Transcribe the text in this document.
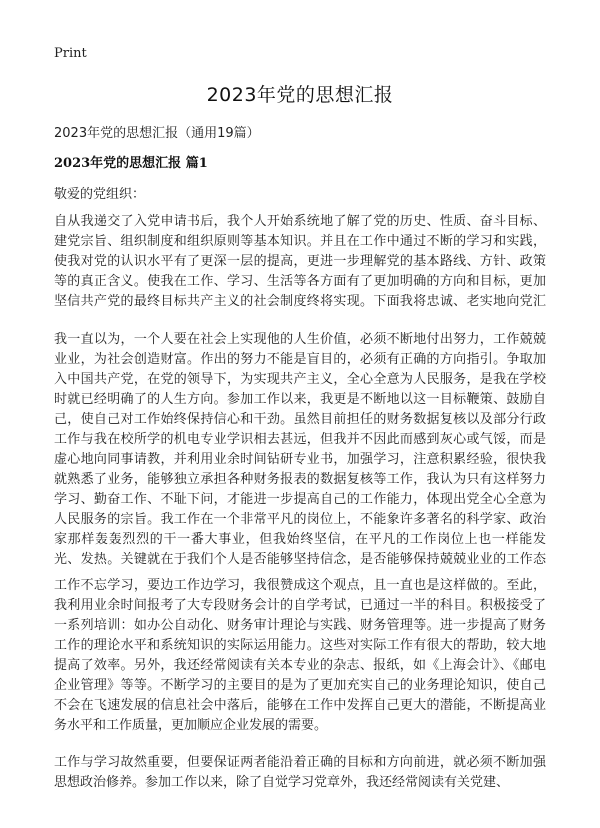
Print
2023年党的思想汇报
2023年党的思想汇报（通用19篇）
2023年党的思想汇报 篇1
敬爱的党组织：

自从我递交了入党申请书后，我个人开始系统地了解了党的历史、性质、奋斗目标、建党宗旨、组织制度和组织原则等基本知识。并且在工作中通过不断的学习和实践，使我对党的认识水平有了更深一层的提高，更进一步理解党的基本路线、方针、政策等的真正含义。使我在工作、学习、生活等各方面有了更加明确的方向和目标，更加坚信共产党的最终目标共产主义的社会制度终将实现。下面我将忠诚、老实地向党汇

我一直以为，一个人要在社会上实现他的人生价值，必须不断地付出努力，工作兢兢业业，为社会创造财富。作出的努力不能是盲目的，必须有正确的方向指引。争取加入中国共产党，在党的领导下，为实现共产主义，全心全意为人民服务，是我在学校时就已经明确了的人生方向。参加工作以来，我更是不断地以这一目标鞭策、鼓励自己，使自己对工作始终保持信心和干劲。虽然目前担任的财务数据复核以及部分行政工作与我在校所学的机电专业学识相去甚远，但我并不因此而感到灰心或气馁，而是虚心地向同事请教，并利用业余时间钻研专业书，加强学习，注意积累经验，很快我就熟悉了业务，能够独立承担各种财务报表的数据复核等工作，我认为只有这样努力学习、勤奋工作、不耻下问，才能进一步提高自己的工作能力，体现出党全心全意为人民服务的宗旨。我工作在一个非常平凡的岗位上，不能象许多著名的科学家、政治家那样轰轰烈烈的干一番大事业，但我始终坚信，在平凡的工作岗位上也一样能发光、发热。关键就在于我们个人是否能够坚持信念，是否能够保持兢兢业业的工作态

工作不忘学习，要边工作边学习，我很赞成这个观点，且一直也是这样做的。至此，我利用业余时间报考了大专段财务会计的自学考试，已通过一半的科目。积极接受了一系列培训：如办公自动化、财务审计理论与实践、财务管理等。进一步提高了财务工作的理论水平和系统知识的实际运用能力。这些对实际工作有很大的帮助，较大地提高了效率。另外，我还经常阅读有关本专业的杂志、报纸，如《上海会计》、《邮电企业管理》等等。不断学习的主要目的是为了更加充实自己的业务理论知识，使自己不会在飞速发展的信息社会中落后，能够在工作中发挥自己更大的潜能，不断提高业务水平和工作质量，更加顺应企业发展的需要。

工作与学习故然重要，但要保证两者能沿着正确的目标和方向前进，就必须不断加强思想政治修养。参加工作以来，除了自觉学习党章外，我还经常阅读有关党建、
